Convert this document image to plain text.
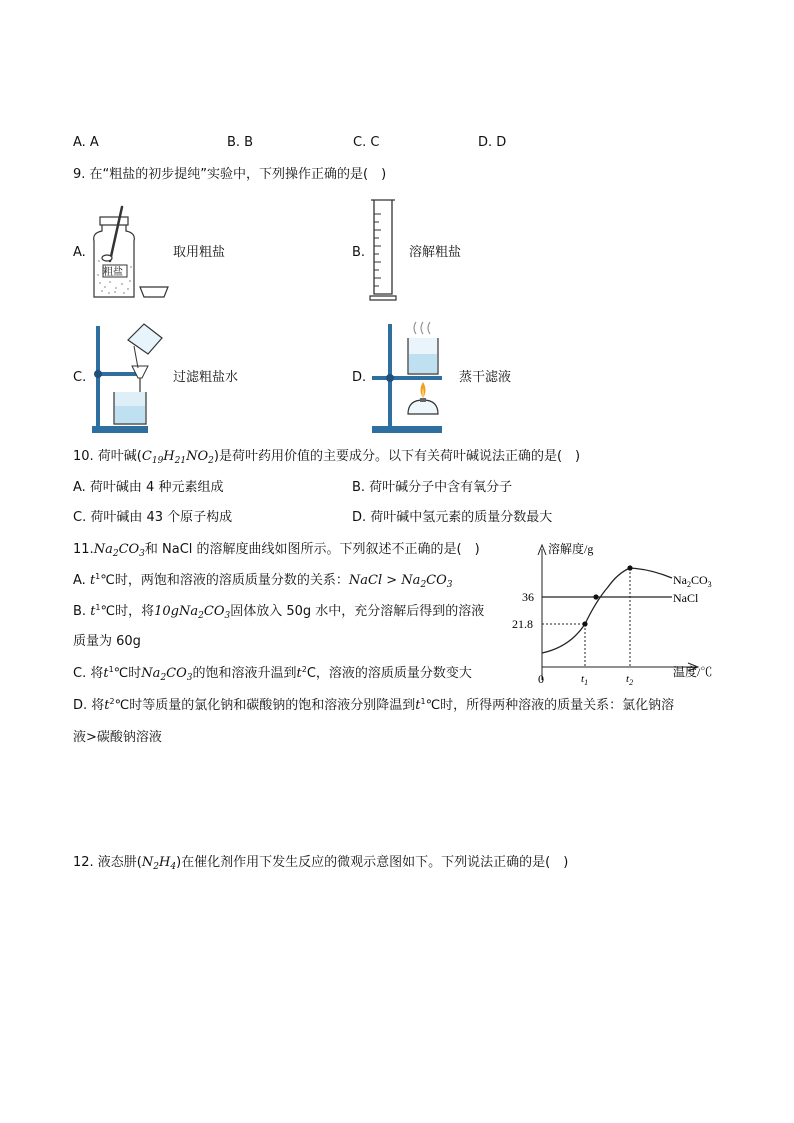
A. A	B. B	C. C	D. D
9. 在“粗盐的初步提纯”实验中，下列操作正确的是(　)
A.
粗盐
取用粗盐	B.	溶解粗盐
C.	过滤粗盐水	D.	蒸干滤液
10. 荷叶碱$(C_{19}H_{21}NO_2)$是荷叶药用价值的主要成分。以下有关荷叶碱说法正确的是(　)
A. 荷叶碱由 4 种元素组成	B. 荷叶碱分子中含有氧分子
C. 荷叶碱由 43 个原子构成	D. 荷叶碱中氢元素的质量分数最大
$11.Na_2CO_3$和 NaCl 的溶解度曲线如图所示。下列叙述不正确的是(　)
A. $t^1℃$时，两饱和溶液的溶质质量分数的关系：NaCl > $Na_2CO_3$
B. $t^1℃$时，将$10gNa_2CO_3$固体放入 50g 水中，充分溶解后得到的溶液
质量为 60g
C. 将$t^1℃$时$Na_2CO_3$的饱和溶液升温到$t^2C$，溶液的溶质质量分数变大
D. 将$t^2℃$时等质量的氯化钠和碳酸钠的饱和溶液分别降温到$t^1℃$时，所得两种溶液的质量关系：氯化钠溶
液>碳酸钠溶液
溶解度/g
温度/℃
36
21.8
0	$t_1$	$t_2$
$Na_2CO_3$
NaCl
12. 液态肼$(N_2H_4)$在催化剂作用下发生反应的微观示意图如下。下列说法正确的是(　)
